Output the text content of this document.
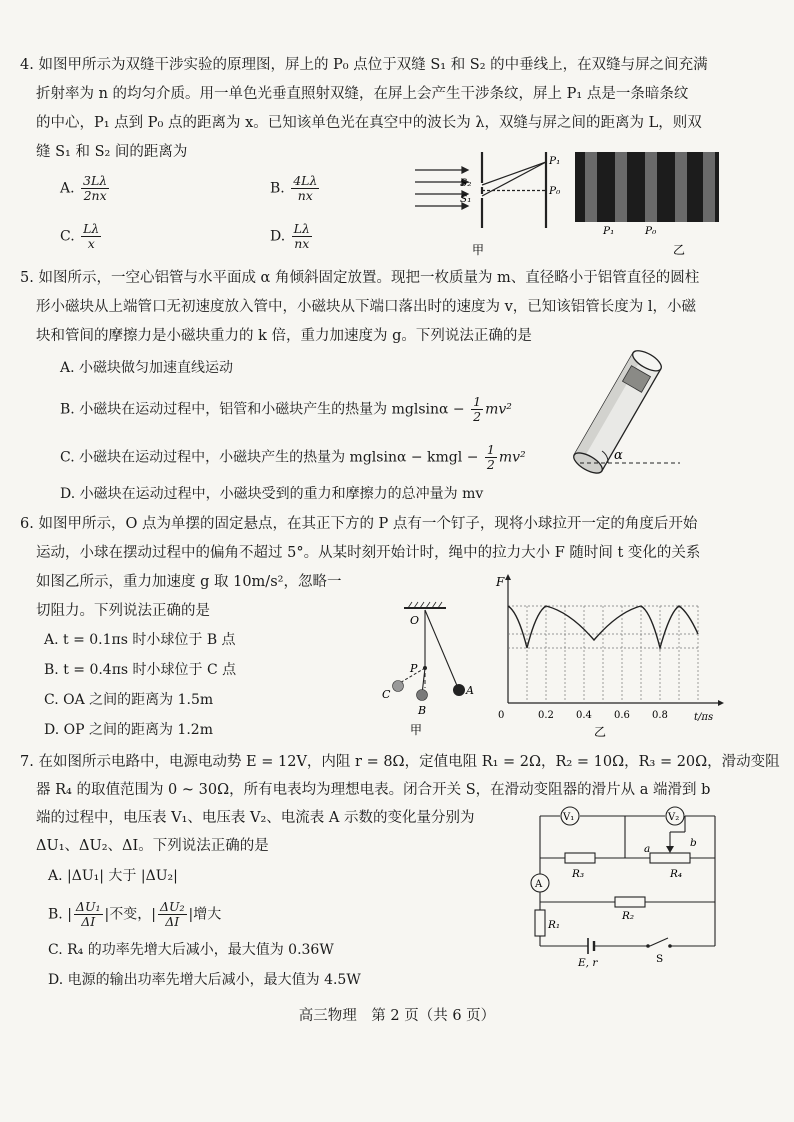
4. 如图甲所示为双缝干涉实验的原理图，屏上的 P₀ 点位于双缝 S₁ 和 S₂ 的中垂线上，在双缝与屏之间充满
折射率为 n 的均匀介质。用一单色光垂直照射双缝，在屏上会产生干涉条纹，屏上 P₁ 点是一条暗条纹
的中心，P₁ 点到 P₀ 点的距离为 x。已知该单色光在真空中的波长为 λ，双缝与屏之间的距离为 L，则双
缝 S₁ 和 S₂ 间的距离为
A. $\frac{3L\lambda}{2nx}$	B. $\frac{4L\lambda}{nx}$
C. $\frac{L\lambda}{x}$	D. $\frac{L\lambda}{nx}$
S₂
S₁
P₁
P₀
甲
P₁	P₀
乙
5. 如图所示，一空心铝管与水平面成 α 角倾斜固定放置。现把一枚质量为 m、直径略小于铝管直径的圆柱
形小磁块从上端管口无初速度放入管中，小磁块从下端口落出时的速度为 v，已知该铝管长度为 l，小磁
块和管间的摩擦力是小磁块重力的 k 倍，重力加速度为 g。下列说法正确的是
A. 小磁块做匀加速直线运动
B. 小磁块在运动过程中，铝管和小磁块产生的热量为 $mglsin\alpha - \frac{1}{2} mv^2$
C. 小磁块在运动过程中，小磁块产生的热量为 mglsinα − kmgl − $\frac{1}{2} mv^2$
D. 小磁块在运动过程中，小磁块受到的重力和摩擦力的总冲量为 mv
α
6. 如图甲所示，O 点为单摆的固定悬点，在其正下方的 P 点有一个钉子，现将小球拉开一定的角度后开始
运动，小球在摆动过程中的偏角不超过 5°。从某时刻开始计时，绳中的拉力大小 F 随时间 t 变化的关系
如图乙所示，重力加速度 g 取 10m/s²，忽略一
切阻力。下列说法正确的是
A. t = 0.1πs 时小球位于 B 点
B. t = 0.4πs 时小球位于 C 点
C. OA 之间的距离为 1.5m
D. OP 之间的距离为 1.2m
O
P
A
B
C
甲
F
t/πs
0	0.2 0.4 0.6 0.8
乙
7. 在如图所示电路中，电源电动势 E = 12V，内阻 r = 8Ω，定值电阻 R₁ = 2Ω，R₂ = 10Ω，R₃ = 20Ω，滑动变阻
器 R₄ 的取值范围为 0 ~ 30Ω，所有电表均为理想电表。闭合开关 S，在滑动变阻器的滑片从 a 端滑到 b
端的过程中，电压表 V₁、电压表 V₂、电流表 A 示数的变化量分别为
ΔU₁、ΔU₂、ΔI。下列说法正确的是
A. |ΔU₁| 大于 |ΔU₂|
B. | $\frac{\text{ΔU₁}}{\Delta I}$ |不变，| $\frac{\text{ΔU₂}}{\Delta I}$ |增大
C. R₄ 的功率先增大后减小，最大值为 0.36W
D. 电源的输出功率先增大后减小，最大值为 4.5W
V₁	V₂
A
R₃	R₄
R₂
R₁
a	b
E, r	S
高三物理　第 2 页（共 6 页）
